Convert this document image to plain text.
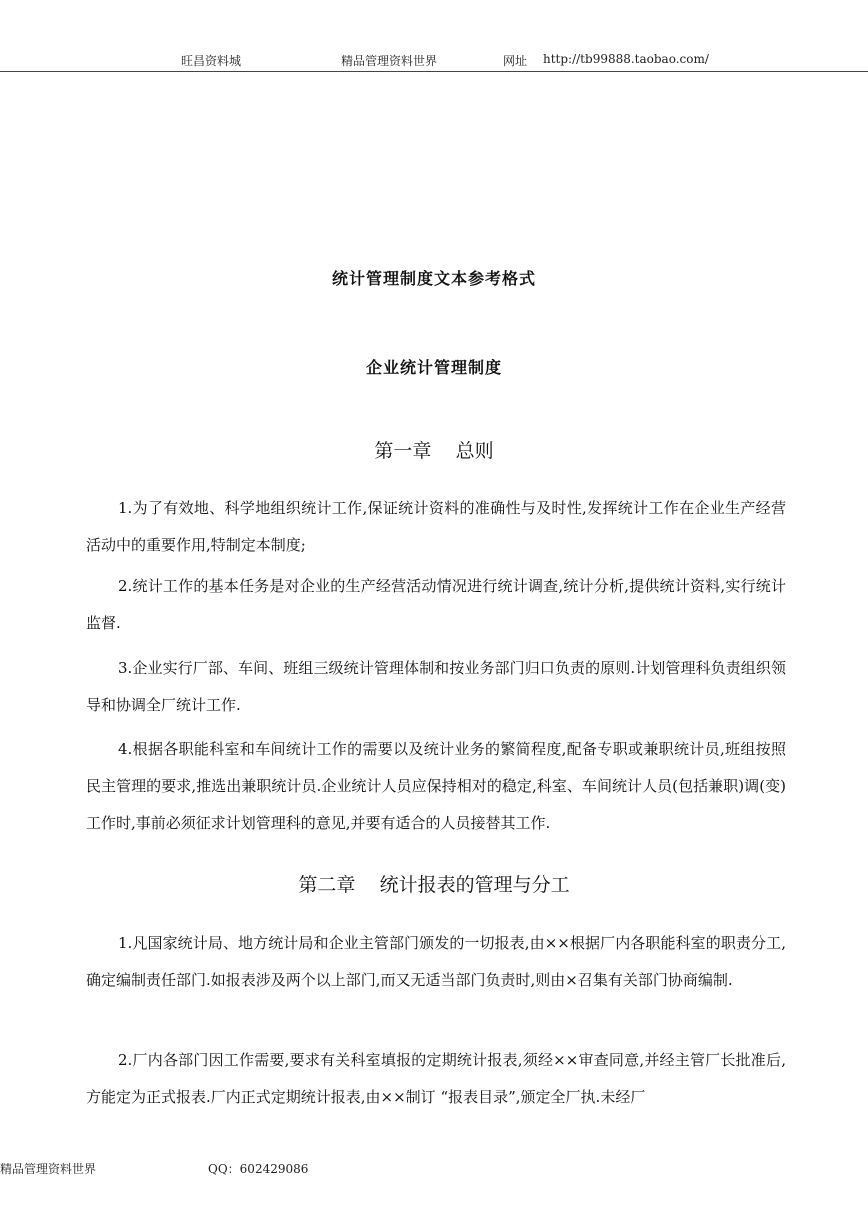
旺昌资料城	精品管理资料世界	网址 http://tb99888.taobao.com/
统计管理制度文本参考格式
企业统计管理制度
第一章    总则

1.为了有效地、科学地组织统计工作,保证统计资料的准确性与及时性,发挥统计工作在企业生产经营活动中的重要作用,特制定本制度;

2.统计工作的基本任务是对企业的生产经营活动情况进行统计调查,统计分析,提供统计资料,实行统计监督.

3.企业实行厂部、车间、班组三级统计管理体制和按业务部门归口负责的原则.计划管理科负责组织领导和协调全厂统计工作.

4.根据各职能科室和车间统计工作的需要以及统计业务的繁简程度,配备专职或兼职统计员,班组按照民主管理的要求,推选出兼职统计员.企业统计人员应保持相对的稳定,科室、车间统计人员(包括兼职)调(变)工作时,事前必须征求计划管理科的意见,并要有适合的人员接替其工作.

第二章    统计报表的管理与分工

1.凡国家统计局、地方统计局和企业主管部门颁发的一切报表,由××根据厂内各职能科室的职责分工,确定编制责任部门.如报表涉及两个以上部门,而又无适当部门负责时,则由×召集有关部门协商编制.

2.厂内各部门因工作需要,要求有关科室填报的定期统计报表,须经××审查同意,并经主管厂长批准后,方能定为正式报表.厂内正式定期统计报表,由××制订 “报表目录”,颁定全厂执.未经厂

精品管理资料世界	QQ：602429086
